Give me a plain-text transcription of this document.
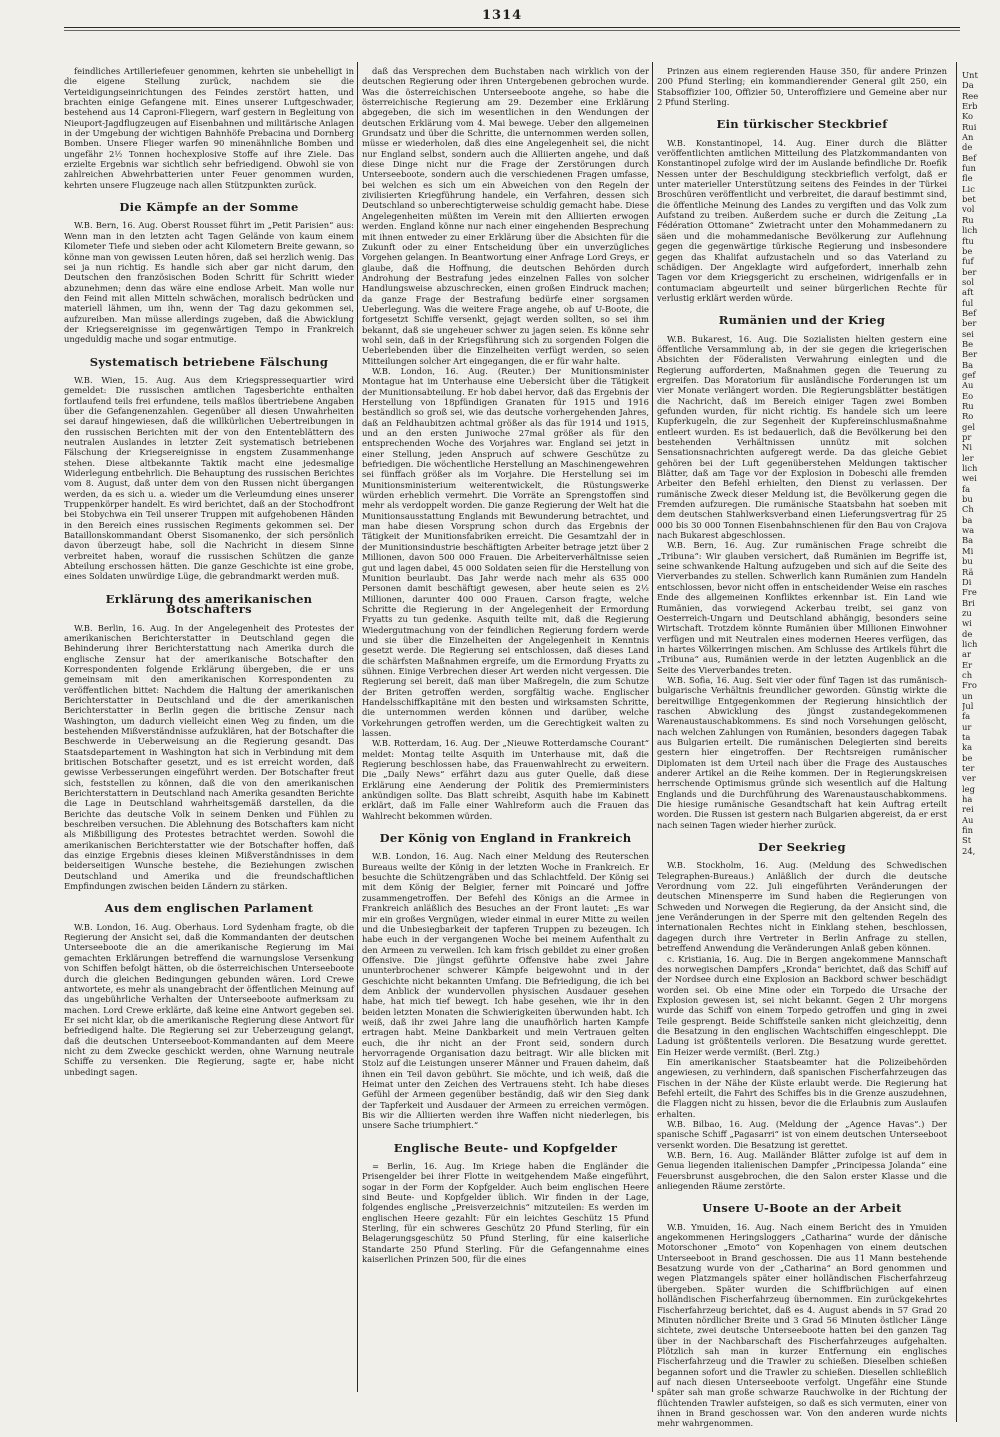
1314

feindliches Artilleriefeuer genommen, kehrten sie unbehelligt in die eigene Stellung zurück, nachdem sie die Verteidigungseinrichtungen des Feindes zerstört hatten, und brachten einige Gefangene mit. Eines unserer Luftgeschwader, bestehend aus 14 Caproni-Fliegern, warf gestern in Begleitung von Nieuport-Jagdflugzeugen auf Eisenbahnen und militärische Anlagen in der Umgebung der wichtigen Bahnhöfe Prebacina und Dornberg Bomben. Unsere Flieger warfen 90 minenähnliche Bomben und ungefähr 2½ Tonnen hochexplosive Stoffe auf ihre Ziele. Das erzielte Ergebnis war sichtlich sehr befriedigend. Obwohl sie von zahlreichen Abwehrbatterien unter Feuer genommen wurden, kehrten unsere Flugzeuge nach allen Stützpunkten zurück.

Die Kämpfe an der Somme

W.B. Bern, 16. Aug. Oberst Rousset führt im „Petit Parisien“ aus: Wenn man in den letzten acht Tagen Gelände von kaum einem Kilometer Tiefe und sieben oder acht Kilometern Breite gewann, so könne man von gewissen Leuten hören, daß sei herzlich wenig. Das sei ja nun richtig. Es handle sich aber gar nicht darum, den Deutschen den französischen Boden Schritt für Schritt wieder abzunehmen; denn das wäre eine endlose Arbeit. Man wolle nur den Feind mit allen Mitteln schwächen, moralisch bedrücken und materiell lähmen, um ihn, wenn der Tag dazu gekommen sei, aufzureiben. Man müsse allerdings zugeben, daß die Abwicklung der Kriegsereignisse im gegenwärtigen Tempo in Frankreich ungeduldig mache und sogar entmutige.

Systematisch betriebene Fälschung

W.B. Wien, 15. Aug. Aus dem Kriegspressequartier wird gemeldet: Die russischen amtlichen Tagesberichte enthalten fortlaufend teils frei erfundene, teils maßlos übertriebene Angaben über die Gefangenenzahlen. Gegenüber all diesen Unwahrheiten sei darauf hingewiesen, daß die willkürlichen Uebertreibungen in den russischen Berichten mit der von den Ententeblättern des neutralen Auslandes in letzter Zeit systematisch betriebenen Fälschung der Kriegsereignisse in engstem Zusammenhange stehen. Diese altbekannte Taktik macht eine jedesmalige Widerlegung entbehrlich. Die Behauptung des russischen Berichtes vom 8. August, daß unter dem von den Russen nicht übergangen werden, da es sich u. a. wieder um die Verleumdung eines unserer Truppenkörper handelt. Es wird berichtet, daß an der Stochodfront bei Stobychwa ein Teil unserer Truppen mit aufgehobenen Händen in den Bereich eines russischen Regiments gekommen sei. Der Bataillonskommandant Oberst Sisomanenko, der sich persönlich davon überzeugt habe, soll die Nachricht in diesem Sinne verbreitet haben, worauf die russischen Schützen die ganze Abteilung erschossen hätten. Die ganze Geschichte ist eine grobe, eines Soldaten unwürdige Lüge, die gebrandmarkt werden muß.

Erklärung des amerikanischen Botschafters

W.B. Berlin, 16. Aug. In der Angelegenheit des Protestes der amerikanischen Berichterstatter in Deutschland gegen die Behinderung ihrer Berichterstattung nach Amerika durch die englische Zensur hat der amerikanische Botschafter den Korrespondenten folgende Erklärung übergeben, die er uns gemeinsam mit den amerikanischen Korrespondenten zu veröffentlichen bittet: Nachdem die Haltung der amerikanischen Berichterstatter in Deutschland und die der amerikanischen Berichterstatter in Berlin gegen die britische Zensur nach Washington, um dadurch vielleicht einen Weg zu finden, um die bestehenden Mißverständnisse aufzuklären, hat der Botschafter die Beschwerde in Ueberweisung an die Regierung gesandt. Das Staatsdepartement in Washington hat sich in Verbindung mit dem britischen Botschafter gesetzt, und es ist erreicht worden, daß gewisse Verbesserungen eingeführt werden. Der Botschafter freut sich, feststellen zu können, daß die von den amerikanischen Berichterstattern in Deutschland nach Amerika gesandten Berichte die Lage in Deutschland wahrheitsgemäß darstellen, da die Berichte das deutsche Volk in seinem Denken und Fühlen zu beschreiben versuchen. Die Ablehnung des Botschafters kam nicht als Mißbilligung des Protestes betrachtet werden. Sowohl die amerikanischen Berichterstatter wie der Botschafter hoffen, daß das einzige Ergebnis dieses kleinen Mißverständnisses in dem beiderseitigen Wunsche bestehe, die Beziehungen zwischen Deutschland und Amerika und die freundschaftlichen Empfindungen zwischen beiden Ländern zu stärken.

Aus dem englischen Parlament

W.B. London, 16. Aug. Oberhaus. Lord Sydenham fragte, ob die Regierung der Ansicht sei, daß die Kommandanten der deutschen Unterseeboote die an die amerikanische Regierung im Mai gemachten Erklärungen betreffend die warnungslose Versenkung von Schiffen befolgt hätten, ob die österreichischen Unterseeboote durch die gleichen Bedingungen gebunden wären. Lord Crewe antwortete, es mehr als unangebracht der öffentlichen Meinung auf das ungebührliche Verhalten der Unterseeboote aufmerksam zu machen. Lord Crewe erklärte, daß keine eine Antwort gegeben sei. Er sei nicht klar, ob die amerikanische Regierung diese Antwort für befriedigend halte. Die Regierung sei zur Ueberzeugung gelangt, daß die deutschen Unterseeboot-Kommandanten auf dem Meere nicht zu dem Zwecke geschickt werden, ohne Warnung neutrale Schiffe zu versenken. Die Regierung, sagte er, habe nicht unbedingt sagen.

daß das Versprechen dem Buchstaben nach wirklich von der deutschen Regierung oder ihren Untergebenen gebrochen wurde. Was die österreichischen Unterseeboote angehe, so habe die österreichische Regierung am 29. Dezember eine Erklärung abgegeben, die sich im wesentlichen in den Wendungen der deutschen Erklärung vom 4. Mai bewege. Ueber den allgemeinen Grundsatz und über die Schritte, die unternommen werden sollen, müsse er wiederholen, daß dies eine Angelegenheit sei, die nicht nur England selbst, sondern auch die Alliierten angehe, und daß diese Dinge nicht nur die Frage der Zerstörungen durch Unterseeboote, sondern auch die verschiedenen Fragen umfasse, bei welchen es sich um ein Abweichen von den Regeln der zivilisierten Kriegführung handele, ein Verfahren, dessen sich Deutschland so unberechtigterweise schuldig gemacht habe. Diese Angelegenheiten müßten im Verein mit den Alliierten erwogen werden. England könne nur nach einer eingehenden Besprechung mit ihnen entweder zu einer Erklärung über die Absichten für die Zukunft oder zu einer Entscheidung über ein unverzügliches Vorgehen gelangen. In Beantwortung einer Anfrage Lord Greys, er glaube, daß die Hoffnung, die deutschen Behörden durch Androhung der Bestrafung jedes einzelnen Falles von solcher Handlungsweise abzuschrecken, einen großen Eindruck machen; da ganze Frage der Bestrafung bedürfe einer sorgsamen Ueberlegung. Was die weitere Frage angehe, ob auf U-Boote, die fortgesetzt Schiffe versenkt, gejagt werden sollten, so sei ihm bekannt, daß sie ungeheuer schwer zu jagen seien. Es könne sehr wohl sein, daß in der Kriegsführung sich zu sorgenden Folgen die Ueberlebenden über die Einzelheiten verfügt werden, so seien Mitteilungen solcher Art eingegangen, die er für wahr halte.

W.B. London, 16. Aug. (Reuter.) Der Munitionsminister Montague hat im Unterhause eine Uebersicht über die Tätigkeit der Munitionsabteilung. Er hob dabei hervor, daß das Ergebnis der Herstellung von 18pfündigen Granaten für 1915 und 1916 beständlich so groß sei, wie das deutsche vorhergehenden Jahres, daß an Feldhaubitzen achtmal größer als das für 1914 und 1915, und an den ersten Juniwoche 27mal größer als für den entsprechenden Woche des Vorjahres war. England sei jetzt in einer Stellung, jeden Anspruch auf schwere Geschütze zu befriedigen. Die wöchentliche Herstellung an Maschinengewehren sei fünffach größer als im Vorjahre. Die Herstellung sei im Munitionsministerium weiterentwickelt, die Rüstungswerke würden erheblich vermehrt. Die Vorräte an Sprengstoffen sind mehr als verdoppelt worden. Die ganze Regierung der Welt hat die Munitionsausstattung Englands mit Bewunderung betrachtet, und man habe diesen Vorsprung schon durch das Ergebnis der Tätigkeit der Munitionsfabriken erreicht. Die Gesamtzahl der in der Munitionsindustrie beschäftigten Arbeiter betrage jetzt über 2 Millionen, davon 500 000 Frauen. Die Arbeiterverhältnisse seien gut und lagen dabei, 45 000 Soldaten seien für die Herstellung von Munition beurlaubt. Das Jahr werde nach mehr als 635 000 Personen damit beschäftigt gewesen, aber heute seien es 2½ Millionen, darunter 400 000 Frauen. Carson fragte, welche Schritte die Regierung in der Angelegenheit der Ermordung Fryatts zu tun gedenke. Asquith teilte mit, daß die Regierung Wiedergutmachung von der feindlichen Regierung fordern werde und sie über die Einzelheiten der Angelegenheit in Kenntnis gesetzt werde. Die Regierung sei entschlossen, daß dieses Land die schärfsten Maßnahmen ergreife, um die Ermordung Fryatts zu sühnen. Einige Verbrechen dieser Art werden nicht vergessen. Die Regierung sei bereit, daß man über Maßregeln, die zum Schutze der Briten getroffen werden, sorgfältig wache. Englischer Handelsschiffkapitäne mit den besten und wirksamsten Schritte, die unternommen werden können und darüber, welche Vorkehrungen getroffen werden, um die Gerechtigkeit walten zu lassen.

W.B. Rotterdam, 16. Aug. Der „Nieuwe Rotterdamsche Courant“ meldet: Montag teilte Asquith im Unterhause mit, daß die Regierung beschlossen habe, das Frauenwahlrecht zu erweitern. Die „Daily News“ erfährt dazu aus guter Quelle, daß diese Erklärung eine Aenderung der Politik des Premierministers ankündigen sollte. Das Blatt schreibt, Asquith habe im Kabinett erklärt, daß im Falle einer Wahlreform auch die Frauen das Wahlrecht bekommen würden.

Der König von England in Frankreich

W.B. London, 16. Aug. Nach einer Meldung des Reuterschen Bureaus weilte der König in der letzten Woche in Frankreich. Er besuchte die Schützengräben und das Schlachtfeld. Der König sei mit dem König der Belgier, ferner mit Poincaré und Joffre zusammengetroffen. Der Befehl des Königs an die Armee in Frankreich anläßlich des Besuches an der Front lautet: „Es war mir ein großes Vergnügen, wieder einmal in eurer Mitte zu weilen und die Unbesiegbarkeit der tapferen Truppen zu bezeugen. Ich habe euch in der vergangenen Woche bei meinem Aufenthalt zu den Armeen zu verweilen. Ich kam frisch gebildet zu einer großen Offensive. Die jüngst geführte Offensive habe zwei Jahre ununterbrochener schwerer Kämpfe beigewohnt und in der Geschichte nicht bekannten Umfang. Die Befriedigung, die ich bei dem Anblick der wundervollen physischen Ausdauer gesehen habe, hat mich tief bewegt. Ich habe gesehen, wie ihr in den beiden letzten Monaten die Schwierigkeiten überwunden habt. Ich weiß, daß ihr zwei Jahre lang die unaufhörlich harten Kampfe ertragen habt. Meine Dankbarkeit und mein Vertrauen gelten euch, die ihr nicht an der Front seid, sondern durch hervorragende Organisation dazu beitragt. Wir alle blicken mit Stolz auf die Leistungen unserer Männer und Frauen daheim, daß ihnen ein Teil davon gebührt. Sie möchte, und ich weiß, daß die Heimat unter den Zeichen des Vertrauens steht. Ich habe dieses Gefühl der Armeen gegenüber beständig, daß wir den Sieg dank der Tapferkeit und Ausdauer der Armeen zu erreichen vermögen. Bis wir die Alliierten werden ihre Waffen nicht niederlegen, bis unsere Sache triumphiert.“

Englische Beute- und Kopfgelder

= Berlin, 16. Aug. Im Kriege haben die Engländer die Prisengelder bei ihrer Flotte in weitgehendem Maße eingeführt, sogar in der Form der Kopfgelder. Auch beim englischen Heere sind Beute- und Kopfgelder üblich. Wir finden in der Lage, folgendes englische „Preisverzeichnis“ mitzuteilen: Es werden im englischen Heere gezahlt: Für ein leichtes Geschütz 15 Pfund Sterling, für ein schweres Geschütz 20 Pfund Sterling, für ein Belagerungsgeschütz 50 Pfund Sterling, für eine kaiserliche Standarte 250 Pfund Sterling. Für die Gefangennahme eines kaiserlichen Prinzen 500, für die eines

Prinzen aus einem regierenden Hause 350, für andere Prinzen 200 Pfund Sterling; ein kommandierender General gilt 250, ein Stabsoffizier 100, Offizier 50, Unteroffiziere und Gemeine aber nur 2 Pfund Sterling.

Ein türkischer Steckbrief

W.B. Konstantinopel, 14. Aug. Einer durch die Blätter veröffentlichten amtlichen Mitteilung des Platzkommandanten von Konstantinopel zufolge wird der im Auslande befindliche Dr. Roefik Nessen unter der Beschuldigung steckbrieflich verfolgt, daß er unter materieller Unterstützung seitens des Feindes in der Türkei Broschüren veröffentlicht und verbreitet, die darauf bestimmt sind, die öffentliche Meinung des Landes zu vergiften und das Volk zum Aufstand zu treiben. Außerdem suche er durch die Zeitung „La Fédération Ottomane“ Zwietracht unter den Mohammedanern zu säen und die mohammedanische Bevölkerung zur Auflehnung gegen die gegenwärtige türkische Regierung und insbesondere gegen das Khalifat aufzustacheln und so das Vaterland zu schädigen. Der Angeklagte wird aufgefordert, innerhalb zehn Tagen vor dem Kriegsgericht zu erscheinen, widrigenfalls er in contumaciam abgeurteilt und seiner bürgerlichen Rechte für verlustig erklärt werden würde.

Rumänien und der Krieg

W.B. Bukarest, 16. Aug. Die Sozialisten hielten gestern eine öffentliche Versammlung ab, in der sie gegen die kriegerischen Absichten der Föderalisten Verwahrung einlegten und die Regierung aufforderten, Maßnahmen gegen die Teuerung zu ergreifen. Das Moratorium für ausländische Forderungen ist um vier Monate verlängert worden. Die Regierungsblätter bestätigen die Nachricht, daß im Bereich einiger Tagen zwei Bomben gefunden wurden, für nicht richtig. Es handele sich um leere Kupferkugeln, die zur Segenheit der Kupfereinschlusmaßnahme entleert wurden. Es ist bedauerlich, daß die Bevölkerung bei den bestehenden Verhältnissen unnütz mit solchen Sensationsnachrichten aufgeregt werde. Da das gleiche Gebiet gehören bei der Luft gegenüberstehen Meldungen taktischer Blätter, daß am Tage vor der Explosion in Dobeschi alle fremden Arbeiter den Befehl erhielten, den Dienst zu verlassen. Der rumänische Zweck dieser Meldung ist, die Bevölkerung gegen die Fremden aufzuregen. Die rumänische Staatsbahn hat soeben mit dem deutschen Stahlwerksverband einen Lieferungsvertrag für 25 000 bis 30 000 Tonnen Eisenbahnschienen für den Bau von Crajova nach Bukarest abgeschlossen.

W.B. Bern, 16. Aug. Zur rumänischen Frage schreibt die „Tribuna“: Wir glauben versichert, daß Rumänien im Begriffe ist, seine schwankende Haltung aufzugeben und sich auf die Seite des Vierverbandes zu stellen. Schwerlich kann Rumänien zum Handeln entschlossen, bevor nicht offen in entscheidender Weise ein rasches Ende des allgemeinen Konfliktes erkennbar ist. Ein Land wie Rumänien, das vorwiegend Ackerbau treibt, sei ganz von Oesterreich-Ungarn und Deutschland abhängig, besonders seine Wirtschaft. Trotzdem könnte Rumänien über Millionen Einwohner verfügen und mit Neutralen eines modernen Heeres verfügen, das in hartes Völkerringen mischen. Am Schlusse des Artikels führt die „Tribuna“ aus, Rumänien werde in der letzten Augenblick an die Seite des Vierverbandes treten.

W.B. Sofia, 16. Aug. Seit vier oder fünf Tagen ist das rumänisch-bulgarische Verhältnis freundlicher geworden. Günstig wirkte die bereitwillige Entgegenkommen der Regierung hinsichtlich der raschen Abwicklung des jüngst zustandegekommenen Warenaustauschabkommens. Es sind noch Vorsehungen gelöscht, nach welchen Zahlungen von Rumänien, besonders dagegen Tabak aus Bulgarien erteilt. Die rumänischen Delegierten sind bereits gestern hier eingetroffen. Der Rechtsreigen rumänischer Diplomaten ist dem Urteil nach über die Frage des Austausches anderer Artikel an die Reihe kommen. Der in Regierungskreisen herrschende Optimismus gründe sich wesentlich auf die Haltung Englands und die Durchführung des Warenaustauschabkommens. Die hiesige rumänische Gesandtschaft hat kein Auftrag erteilt worden. Die Russen ist gestern nach Bulgarien abgereist, da er erst nach seinen Tagen wieder hierher zurück.

Der Seekrieg

W.B. Stockholm, 16. Aug. (Meldung des Schwedischen Telegraphen-Bureaus.) Anläßlich der durch die deutsche Verordnung vom 22. Juli eingeführten Veränderungen der deutschen Minensperre im Sund haben die Regierungen von Schweden und Norwegen die Regierung, da der Ansicht sind, die jene Veränderungen in der Sperre mit den geltenden Regeln des internationalen Rechtes nicht in Einklang stehen, beschlossen, dagegen durch ihre Vertreter in Berlin Anfrage zu stellen, betreffend Anwendung die Veränderungen Anlaß geben können.

c. Kristiania, 16. Aug. Die in Bergen angekommene Mannschaft des norwegischen Dampfers „Kronda“ berichtet, daß das Schiff auf der Nordsee durch eine Explosion an Backbord schwer beschädigt worden sei. Ob eine Mine oder ein Torpedo die Ursache der Explosion gewesen ist, sei nicht bekannt. Gegen 2 Uhr morgens wurde das Schiff von einem Torpedo getroffen und ging in zwei Teile gesprengt. Beide Schiffsteile sanken nicht gleichzeitig, denn die Besatzung in den englischen Wachtschiffen eingeschleppt. Die Ladung ist größtenteils verloren. Die Besatzung wurde gerettet. Ein Heizer werde vermißt. (Berl. Ztg.)

Ein amerikanischer Staatsbeamter hat die Polizeibehörden angewiesen, zu verhindern, daß spanischen Fischerfahrzeugen das Fischen in der Nähe der Küste erlaubt werde. Die Regierung hat Befehl erteilt, die Fahrt des Schiffes bis in die Grenze auszudehnen, die Flaggen nicht zu hissen, bevor die die Erlaubnis zum Auslaufen erhalten.

W.B. Bilbao, 16. Aug. (Meldung der „Agence Havas“.) Der spanische Schiff „Pagasarri“ ist von einem deutschen Unterseeboot versenkt worden. Die Besatzung ist gerettet.

W.B. Bern, 16. Aug. Mailänder Blätter zufolge ist auf dem in Genua liegenden italienischen Dampfer „Principessa Jolanda“ eine Feuersbrunst ausgebrochen, die den Salon erster Klasse und die anliegenden Räume zerstörte.

Unsere U-Boote an der Arbeit

W.B. Ymuiden, 16. Aug. Nach einem Bericht des in Ymuiden angekommenen Heringsloggers „Catharina“ wurde der dänische Motorschoner „Emoto“ von Kopenhagen von einem deutschen Unterseeboot in Brand geschossen. Die aus 11 Mann bestehende Besatzung wurde von der „Catharina“ an Bord genommen und wegen Platzmangels später einer holländischen Fischerfahrzeug übergeben. Später wurden die Schiffbrüchigen auf einen holländischen Fischerfahrzeug übernommen. Ein zurückgekehrtes Fischerfahrzeug berichtet, daß es 4. August abends in 57 Grad 20 Minuten nördlicher Breite und 3 Grad 56 Minuten östlicher Länge sichtete, zwei deutsche Unterseeboote hatten bei den ganzen Tag über in der Nachbarschaft des Fischerfahrzeuges aufgehalten. Plötzlich sah man in kurzer Entfernung ein englisches Fischerfahrzeug und die Trawler zu schießen. Dieselben schießen begannen sofort und die Trawler zu schießen. Diesellen schließlich auf nach diesen Unterseeboote verfolgt. Ungefähr eine Stunde später sah man große schwarze Rauchwolke in der Richtung der flüchtenden Trawler aufsteigen, so daß es sich vermuten, einer von ihnen in Brand geschossen war. Von den anderen wurde nichts mehr wahrgenommen.

Unt
Da
Ree
Erb
Ko
Rui
An
de
Bef
fun
fle
Lic
bet
vol
Ru
lich
ftu
be
fuf
ber
sol
aft
ful
Bef
ber
sei
Be
Ber
Ba
gef
Au
Eo
Ru
Ro
gel
pr
Ni
ler
lich
wei
fa
bu
Ch
ba
wa
Ba
Mi
bu
Rä
Di
Fre
Bri
zu
wi
de
lich
ar
Er
ch
Fro
un
Jul
fa
ur
ta
ka
be
ter
ver
leg
ha
rei
Au
fin
St
24,
